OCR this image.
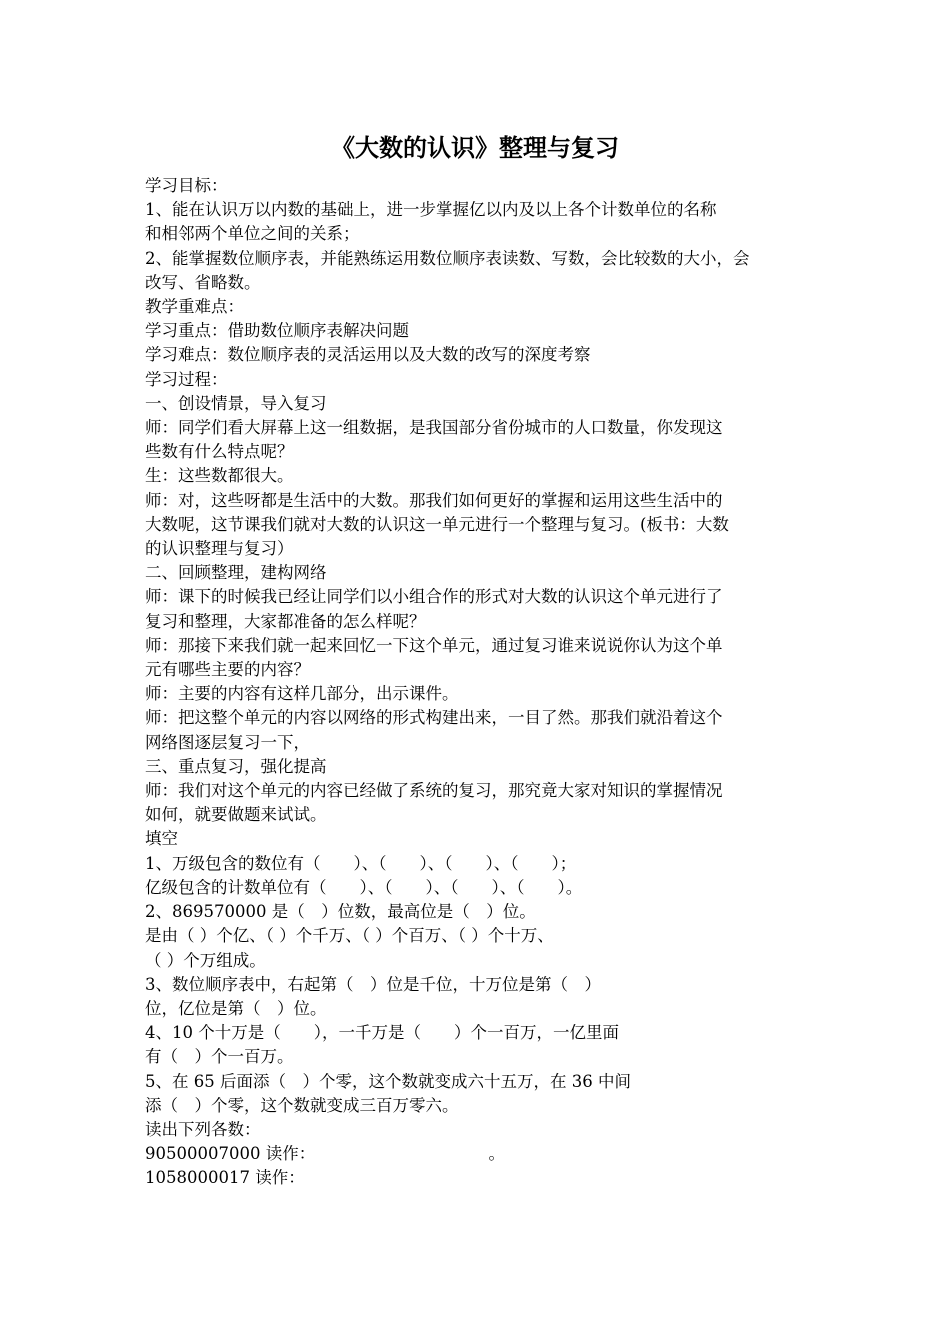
《大数的认识》整理与复习

学习目标：

1、能在认识万以内数的基础上，进一步掌握亿以内及以上各个计数单位的名称

和相邻两个单位之间的关系；

2、能掌握数位顺序表，并能熟练运用数位顺序表读数、写数，会比较数的大小，会

改写、省略数。

教学重难点：

学习重点：借助数位顺序表解决问题

学习难点：数位顺序表的灵活运用以及大数的改写的深度考察

学习过程：

一、创设情景，导入复习

师：同学们看大屏幕上这一组数据，是我国部分省份城市的人口数量，你发现这

些数有什么特点呢？

生：这些数都很大。

师：对，这些呀都是生活中的大数。那我们如何更好的掌握和运用这些生活中的

大数呢，这节课我们就对大数的认识这一单元进行一个整理与复习。(板书：大数

的认识整理与复习）

二、回顾整理，建构网络

师：课下的时候我已经让同学们以小组合作的形式对大数的认识这个单元进行了

复习和整理，大家都准备的怎么样呢？

师：那接下来我们就一起来回忆一下这个单元，通过复习谁来说说你认为这个单

元有哪些主要的内容？

师：主要的内容有这样几部分，出示课件。

师：把这整个单元的内容以网络的形式构建出来，一目了然。那我们就沿着这个

网络图逐层复习一下，

三、重点复习，强化提高

师：我们对这个单元的内容已经做了系统的复习，那究竟大家对知识的掌握情况

如何，就要做题来试试。

填空

1、万级包含的数位有（　　）、（　　）、（　　）、（　　）；

亿级包含的计数单位有（　　）、（　　）、（　　）、（　　）。

2、869570000 是（　）位数，最高位是（　）位。

是由（ ）个亿、（ ）个千万、（ ）个百万、（ ）个十万、

（ ）个万组成。

3、数位顺序表中，右起第（　）位是千位，十万位是第（　）

位，亿位是第（　）位。

4、10 个十万是（　　），一千万是（　　）个一百万，一亿里面

有（　）个一百万。

5、在 65 后面添（　）个零，这个数就变成六十五万，在 36 中间

添（　）个零，这个数就变成三百万零六。

读出下列各数：

90500007000 读作：　　　　　　　　　　　。

1058000017 读作：
